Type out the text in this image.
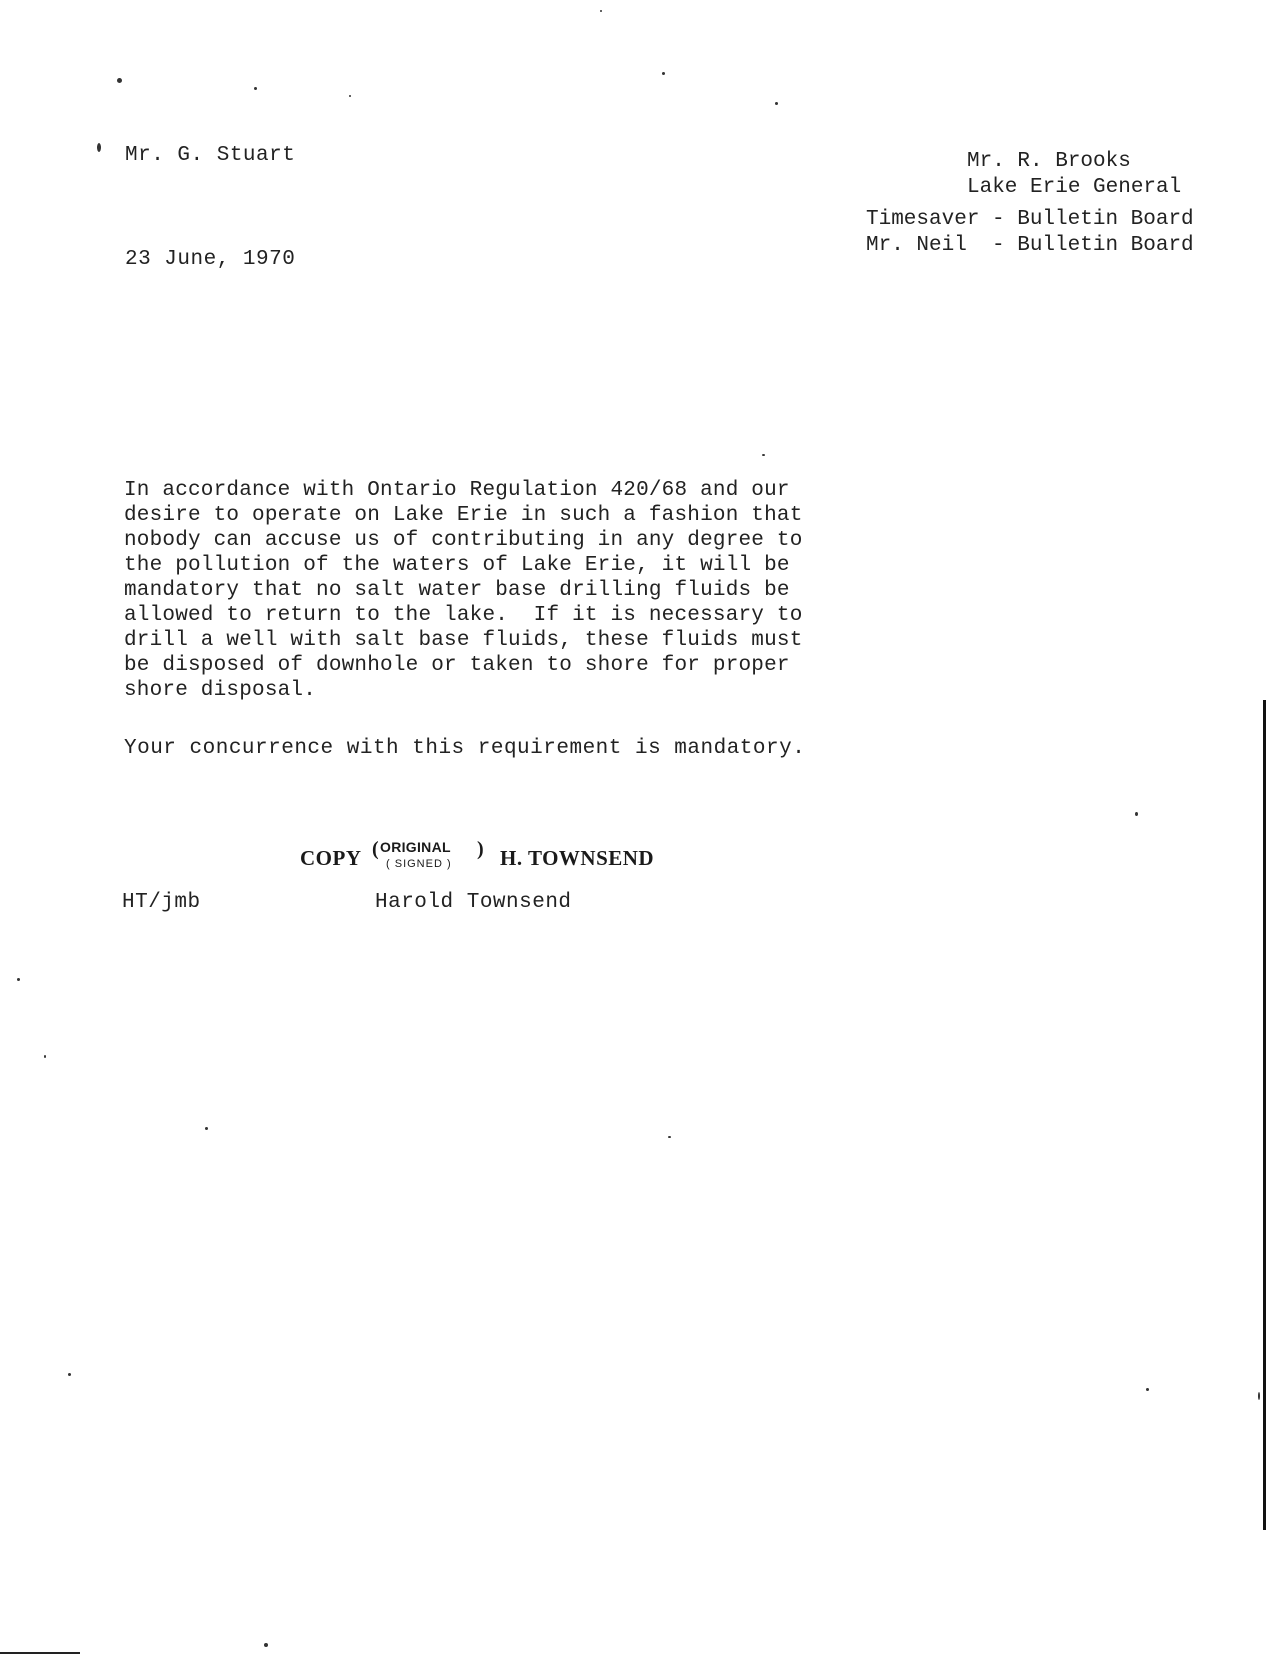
Mr. G. Stuart	Mr. R. Brooks
Lake Erie General
Timesaver - Bulletin Board
Mr. Neil  - Bulletin Board
23 June, 1970
In accordance with Ontario Regulation 420/68 and our
desire to operate on Lake Erie in such a fashion that
nobody can accuse us of contributing in any degree to
the pollution of the waters of Lake Erie, it will be
mandatory that no salt water base drilling fluids be
allowed to return to the lake.  If it is necessary to
drill a well with salt base fluids, these fluids must
be disposed of downhole or taken to shore for proper
shore disposal.
Your concurrence with this requirement is mandatory.
COPY ( ORIGINAL
( SIGNED )
) H. TOWNSEND
HT/jmb	Harold Townsend
